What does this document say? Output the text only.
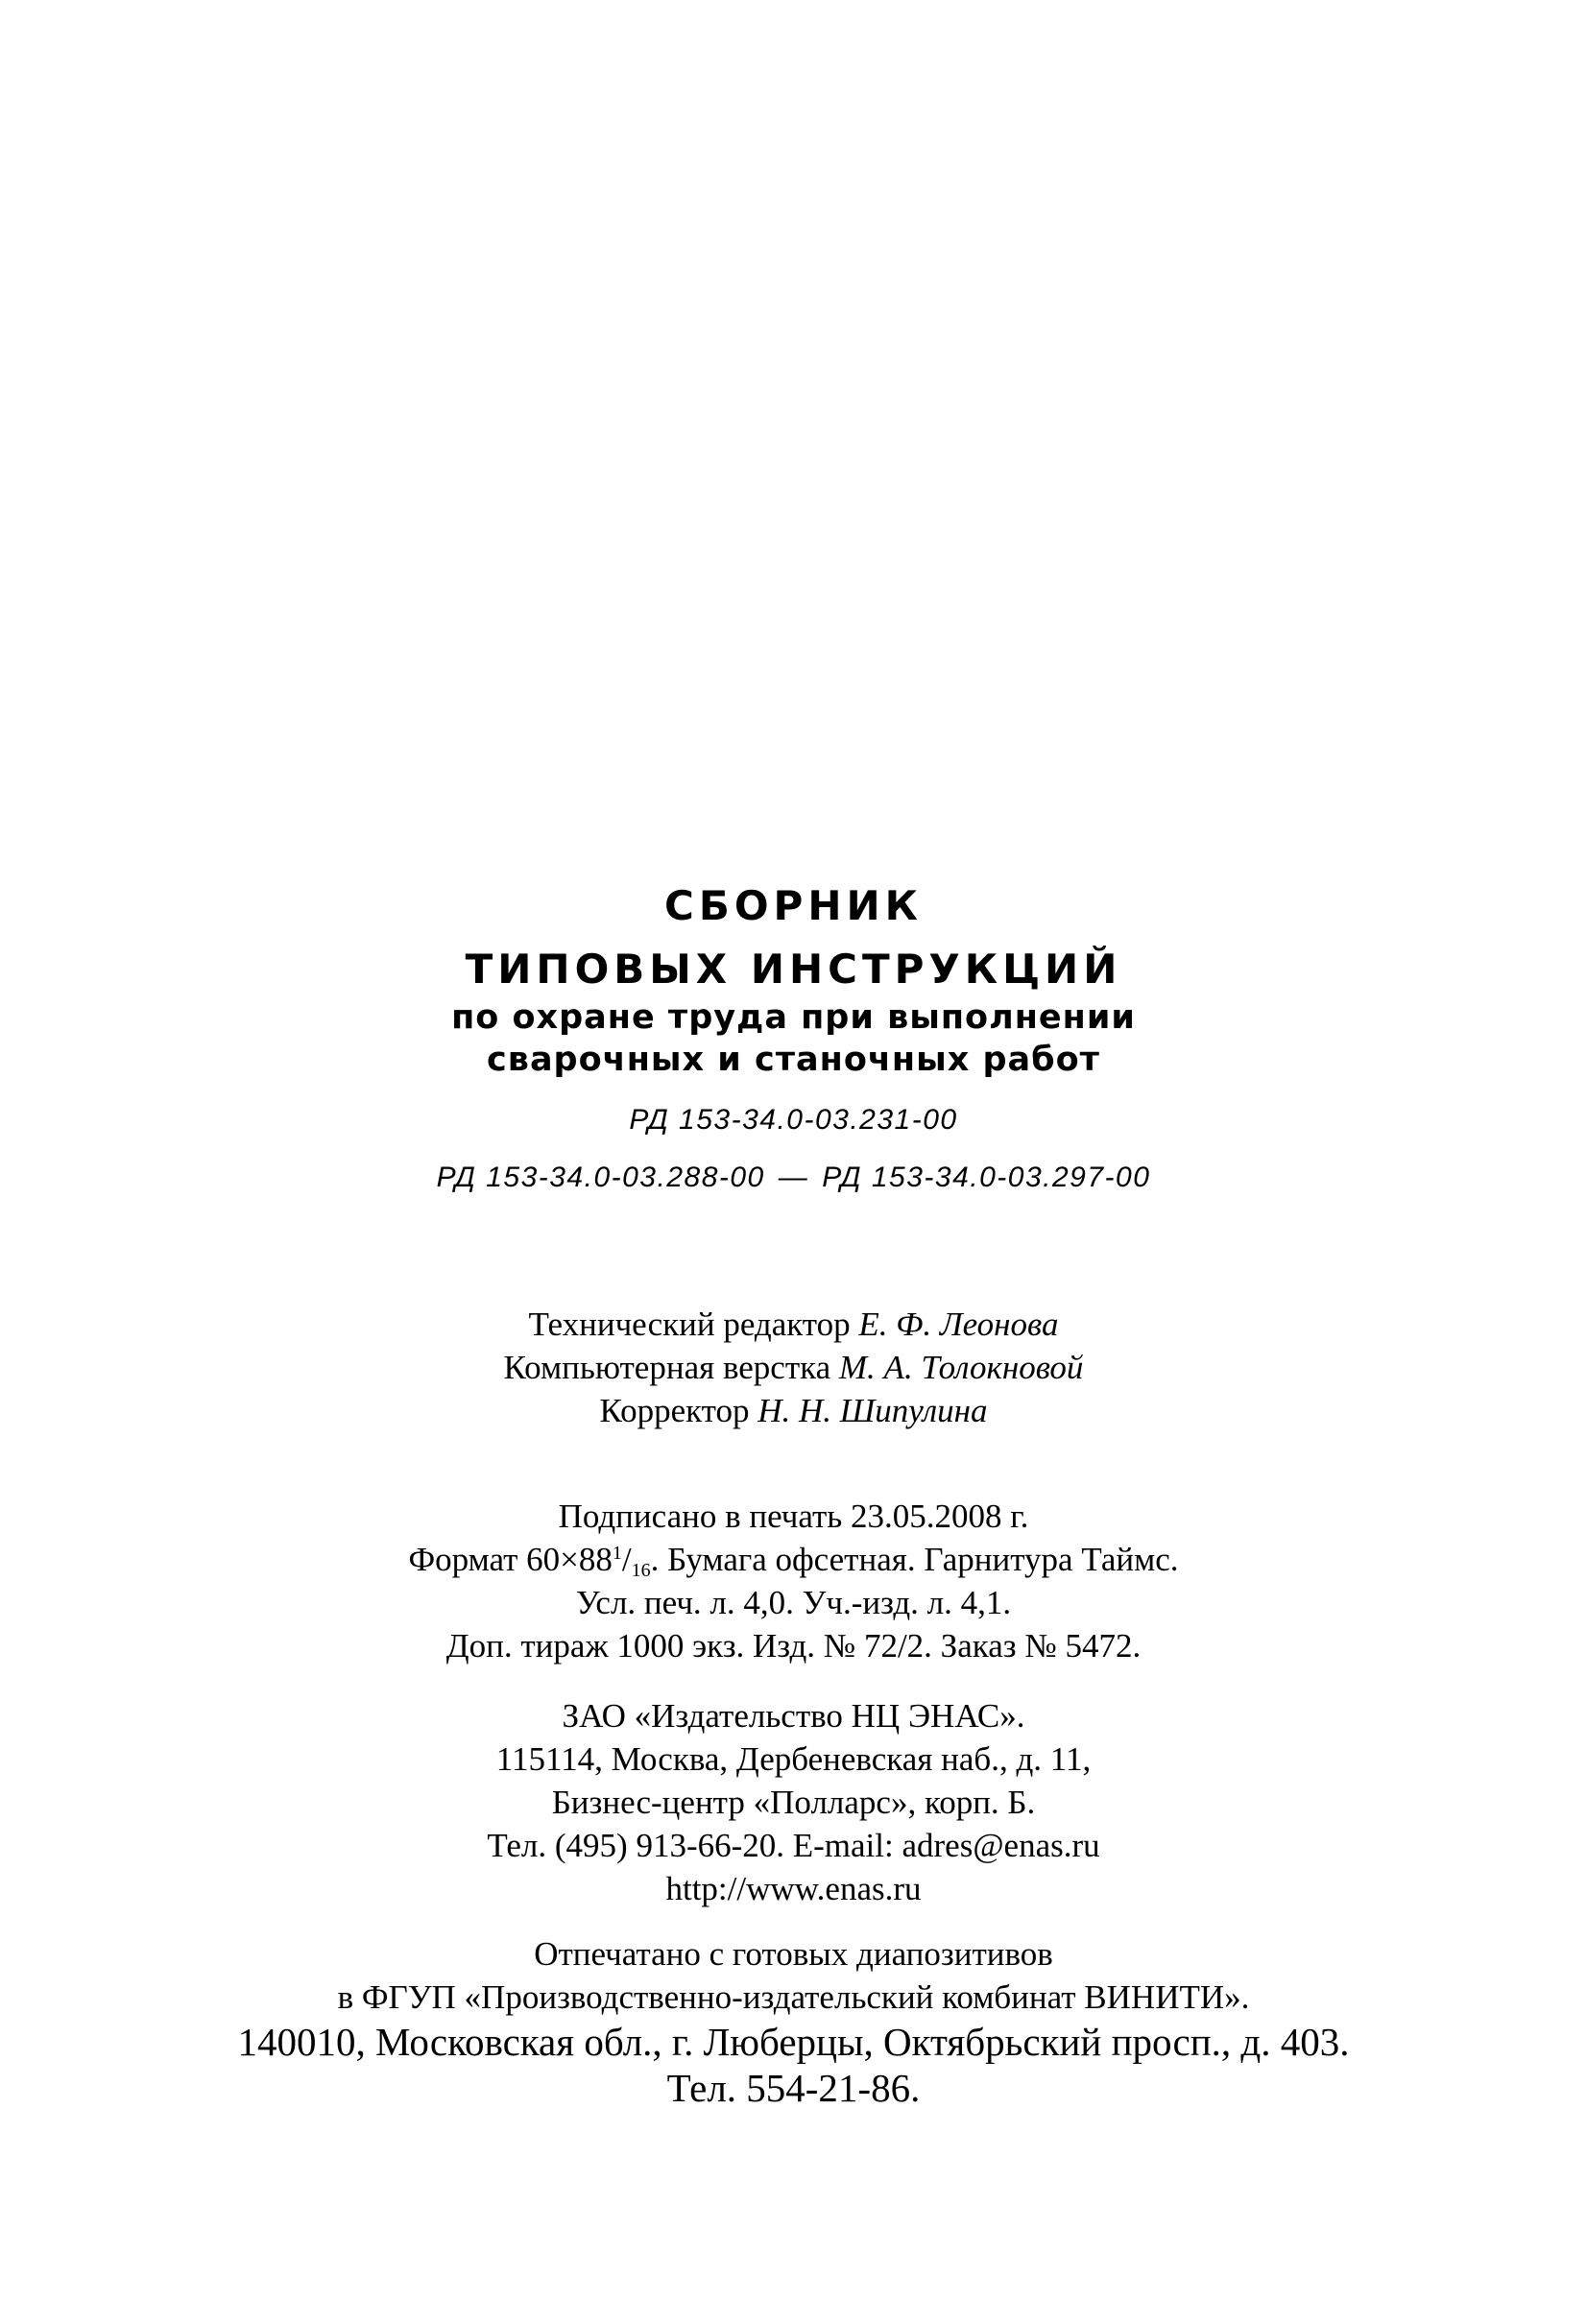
СБОРНИК
ТИПОВЫХ ИНСТРУКЦИЙ
по охране труда при выполнении
сварочных и станочных работ
РД 153-34.0-03.231-00
РД 153-34.0-03.288-00 — РД 153-34.0-03.297-00
Технический редактор Е. Ф. Леонова
Компьютерная верстка М. А. Толокновой
Корректор Н. Н. Шипулина
Подписано в печать 23.05.2008 г.
Формат $60\times 88^1/_{16}$. Бумага офсетная. Гарнитура Таймс.
Усл. печ. л. 4,0. Уч.-изд. л. 4,1.
Доп. тираж 1000 экз. Изд. № 72/2. Заказ № 5472.
ЗАО «Издательство НЦ ЭНАС».
115114, Москва, Дербеневская наб., д. 11,
Бизнес-центр «Полларс», корп. Б.
Тел. (495) 913-66-20. E-mail: adres@enas.ru
http://www.enas.ru
Отпечатано с готовых диапозитивов
в ФГУП «Производственно-издательский комбинат ВИНИТИ».
140010, Московская обл., г. Люберцы, Октябрьский просп., д. 403.
Тел. 554-21-86.
